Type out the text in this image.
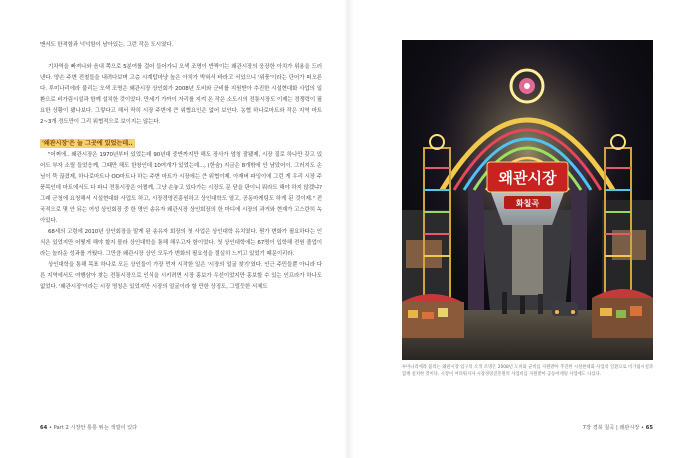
맨서도 한적함과 넉넉함이 남아있는, 그런 작은 도시였다.

기차역을 빠져나와 음내 쪽으로 5분여를 걸어 들어가니 오색 조명이 반짝이는 왜관시장의 웅장한 아치가 위용을 드러낸다. 양손 주변 전철들을 내려다보며 고층 시계탑마냥 높은 아치가 박혀서 바라고 서있으니 '위풍'이라는 단어가 떠오른다. 루미나리에라 불리는 오색 조명은 왜관시장 상인회가 2008년 도비와 군비를 지원받아 추진한 시설현대화 사업의 일환으로 비가림시설과 함께 설치한 것이었다. 만세기 가까이 자리를 지켜 온 작은 소도시의 전통시장도 이제는 경쟁력이 필요한 상황이 됐나보다. 그렇다고 해서 딱히 시장 주변에 큰 위협요인은 없어 보인다. 농협 하나로마트와 작은 지역 마트 2~3개 정도만이 그리 위협적으로 보이지는 않는다.

'왜관시장'은 늘 그곳에 있었는데..

"어쩌에.. 왜관시장은 1970년부터 있었는데 90년대 중반까지만 해도 장사가 엄청 잘됐제, 시장 질로 하나만 갖고 있어도 부자 소릴 들었응께, 그때만 해도 한창인데 10여개가 있었는데..., (한숨) 지금은 8개밖에 안 남았어이. 그러지도 손님이 뚝 끊겼제, 하나로마트나 OO마트나 하는 주변 마트가 시장에는 큰 위협이제. 아재버 파잉이에 그런 게 우리 시장 주풍목인데 마트에서도 다 파니 전통시장은 어쩔께, 그냥 손놓고 있다가는 시장도 문 닫을 판이니 뭐라도 해야 하지 않겠냐? 그래 군청에 요청해서 시설현대화 사업도 하고, 시장경영진흥원하고 상인대학도 열고, 공동마케팅도 하게 된 것이제." 전국적으로 몇 안 되는 여성 상인회장 중 한 명인 송유자 왜관시장 상인회장의 한 마디에 시장의 과거와 현재가 고스란히 녹아있다.

68세의 고령에 2010년 상인회장을 맡게 된 송유자 회장의 첫 사업은 상인대학 유치였다. 뭔가 변화가 필요하다는 인식은 있었지만 어떻게 해야 할지 몰라 상인대학을 통해 해우고자 함이었다. 첫 상인대학에는 67명이 입학해 전원 졸업이라는 놀라운 성과를 거뒀다. 그만큼 왜관시장 상인 모두가 변화의 필요성을 절실히 느끼고 있었기 때문이리라.

상인대학을 통해 목표 하나로 모든 상인들이 가장 먼저 시작한 일은 '시장의 얼굴 찾기'였다. 인근 주민들뿐 아니라 다른 지역에서도 여행삼아 찾는 전통시장으로 인식을 시키려면 시장 홍보가 우선이었지만 홍보할 수 있는 인프라가 하나도 없었다. '왜관시장'이라는 시장 명칭은 있었지만 시장의 얼굴이라 할 만한 상징도, 그럴듯한 서체도

64 • Part 2 시장안 통통 튀는 색깔이 있다
왜관시장
화칠곡
루미나리에라 불리는 왜관시장 입구의 오색 조명은 2008년 도비와 군비를 지원받아 추진한 시설현대화 사업의 일환으로 비가림시설과 함께 설치한 것이다. 시장이 어려워지자 시장경영진흥원의 사업비를 지원받아 공동마케팅 사업에도 나섰다.
7장 경북 칠곡 | 왜관시장 • 65
